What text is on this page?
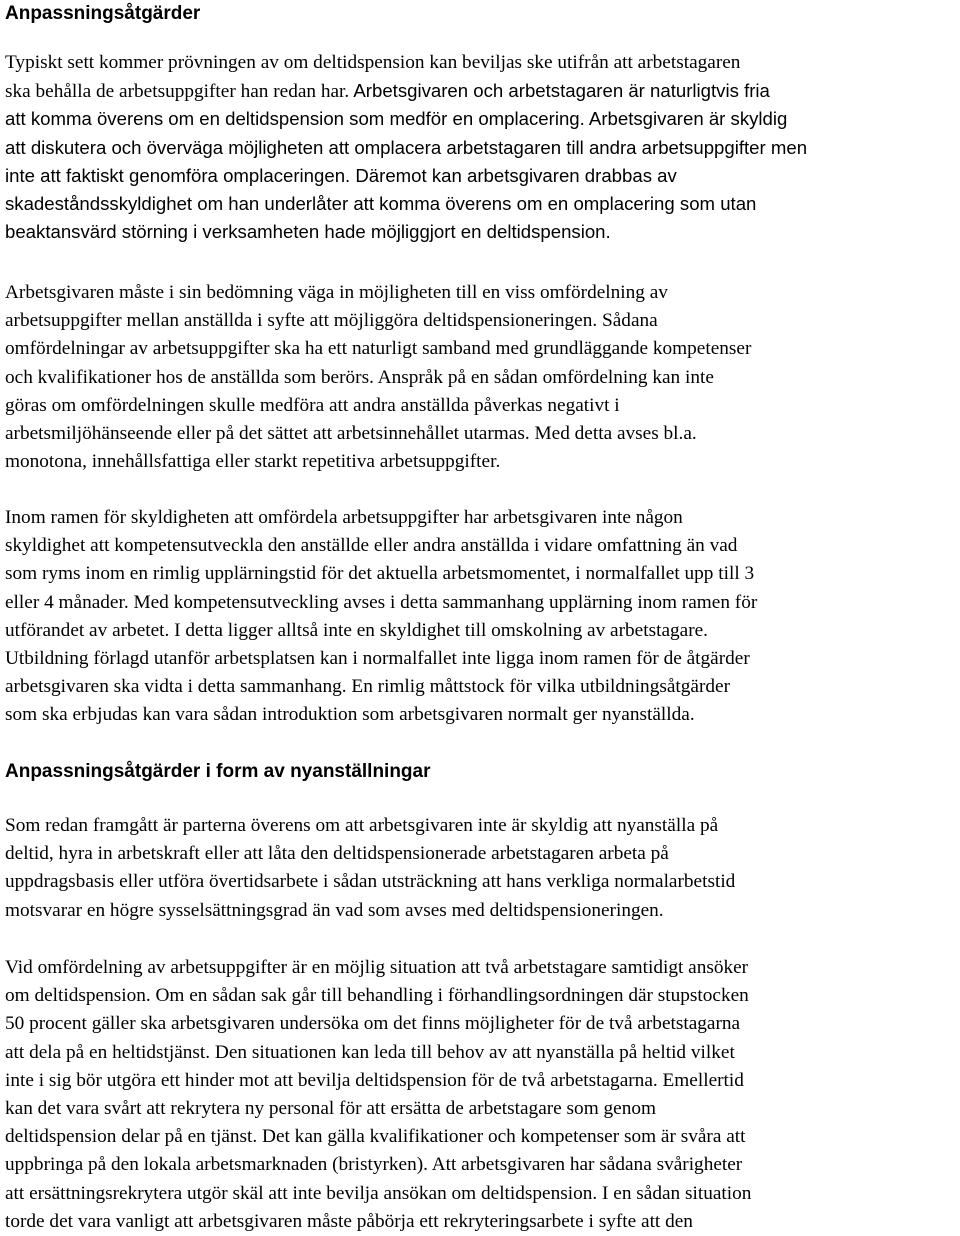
Anpassningsåtgärder
Typiskt sett kommer prövningen av om deltidspension kan beviljas ske utifrån att arbetstagaren
ska behålla de arbetsuppgifter han redan har. Arbetsgivaren och arbetstagaren är naturligtvis fria
att komma överens om en deltidspension som medför en omplacering. Arbetsgivaren är skyldig
att diskutera och överväga möjligheten att omplacera arbetstagaren till andra arbetsuppgifter men
inte att faktiskt genomföra omplaceringen. Däremot kan arbetsgivaren drabbas av
skadeståndsskyldighet om han underlåter att komma överens om en omplacering som utan
beaktansvärd störning i verksamheten hade möjliggjort en deltidspension.
Arbetsgivaren måste i sin bedömning väga in möjligheten till en viss omfördelning av
arbetsuppgifter mellan anställda i syfte att möjliggöra deltidspensioneringen. Sådana
omfördelningar av arbetsuppgifter ska ha ett naturligt samband med grundläggande kompetenser
och kvalifikationer hos de anställda som berörs. Anspråk på en sådan omfördelning kan inte
göras om omfördelningen skulle medföra att andra anställda påverkas negativt i
arbetsmiljöhänseende eller på det sättet att arbetsinnehållet utarmas. Med detta avses bl.a.
monotona, innehållsfattiga eller starkt repetitiva arbetsuppgifter.
Inom ramen för skyldigheten att omfördela arbetsuppgifter har arbetsgivaren inte någon
skyldighet att kompetensutveckla den anställde eller andra anställda i vidare omfattning än vad
som ryms inom en rimlig upplärningstid för det aktuella arbetsmomentet, i normalfallet upp till 3
eller 4 månader. Med kompetensutveckling avses i detta sammanhang upplärning inom ramen för
utförandet av arbetet. I detta ligger alltså inte en skyldighet till omskolning av arbetstagare.
Utbildning förlagd utanför arbetsplatsen kan i normalfallet inte ligga inom ramen för de åtgärder
arbetsgivaren ska vidta i detta sammanhang. En rimlig måttstock för vilka utbildningsåtgärder
som ska erbjudas kan vara sådan introduktion som arbetsgivaren normalt ger nyanställda.
Anpassningsåtgärder i form av nyanställningar
Som redan framgått är parterna överens om att arbetsgivaren inte är skyldig att nyanställa på
deltid, hyra in arbetskraft eller att låta den deltidspensionerade arbetstagaren arbeta på
uppdragsbasis eller utföra övertidsarbete i sådan utsträckning att hans verkliga normalarbetstid
motsvarar en högre sysselsättningsgrad än vad som avses med deltidspensioneringen.
Vid omfördelning av arbetsuppgifter är en möjlig situation att två arbetstagare samtidigt ansöker
om deltidspension. Om en sådan sak går till behandling i förhandlingsordningen där stupstocken
50 procent gäller ska arbetsgivaren undersöka om det finns möjligheter för de två arbetstagarna
att dela på en heltidstjänst. Den situationen kan leda till behov av att nyanställa på heltid vilket
inte i sig bör utgöra ett hinder mot att bevilja deltidspension för de två arbetstagarna. Emellertid
kan det vara svårt att rekrytera ny personal för att ersätta de arbetstagare som genom
deltidspension delar på en tjänst. Det kan gälla kvalifikationer och kompetenser som är svåra att
uppbringa på den lokala arbetsmarknaden (bristyrken). Att arbetsgivaren har sådana svårigheter
att ersättningsrekrytera utgör skäl att inte bevilja ansökan om deltidspension. I en sådan situation
torde det vara vanligt att arbetsgivaren måste påbörja ett rekryteringsarbete i syfte att den
